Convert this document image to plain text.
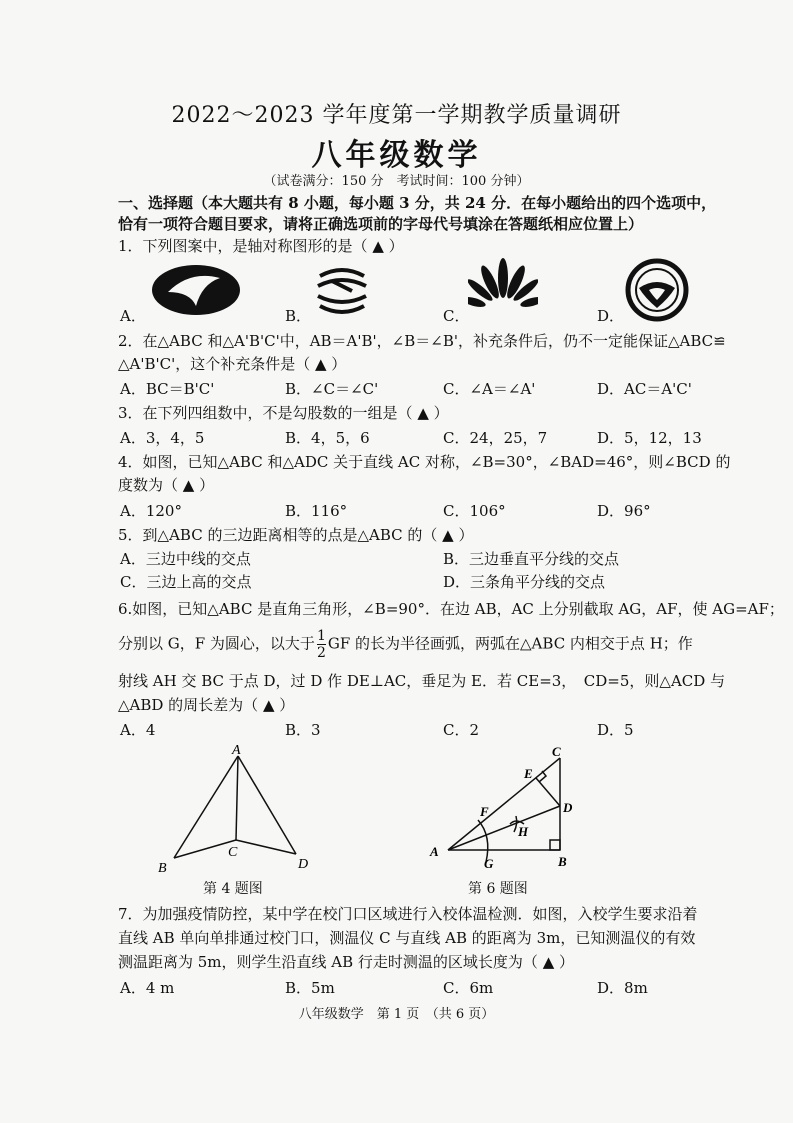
2022～2023 学年度第一学期教学质量调研
八年级数学
（试卷满分：150 分　考试时间：100 分钟）
一、选择题（本大题共有 8 小题，每小题 3 分，共 24 分．在每小题给出的四个选项中，
恰有一项符合题目要求，请将正确选项前的字母代号填涂在答题纸相应位置上）
1．下列图案中，是轴对称图形的是（ ▲ ）
A．	B．	C．	D．
2．在△ABC 和△A'B'C'中，AB＝A'B'，∠B＝∠B'，补充条件后，仍不一定能保证△ABC≌
△A'B'C'，这个补充条件是（ ▲ ）
A．BC＝B'C'	B．∠C＝∠C'	C．∠A＝∠A'	D．AC＝A'C'
3．在下列四组数中，不是勾股数的一组是（ ▲ ）
A．3，4，5	B．4，5，6	C．24，25，7	D．5，12，13
4．如图，已知△ABC 和△ADC 关于直线 AC 对称，∠B=30°，∠BAD=46°，则∠BCD 的
度数为（ ▲ ）
A．120°	B．116°	C．106°	D．96°
5．到△ABC 的三边距离相等的点是△ABC 的（ ▲ ）
A．三边中线的交点	B．三边垂直平分线的交点
C．三边上高的交点	D．三条角平分线的交点
6.如图，已知△ABC 是直角三角形，∠B=90°．在边 AB，AC 上分别截取 AG，AF，使 AG=AF；
分别以 G，F 为圆心，以大于 $\frac{1}{2}$ GF 的长为半径画弧，两弧在△ABC 内相交于点 H；作
射线 AH 交 BC 于点 D，过 D 作 DE⊥AC，垂足为 E．若 CE=3，　CD=5，则△ACD 与
△ABD 的周长差为（ ▲ ）
A．4	B．3	C．2	D．5
A
B
C
D
第 4 题图
C
E
D
F
H
A
G	B
第 6 题图
7．为加强疫情防控，某中学在校门口区域进行入校体温检测．如图，入校学生要求沿着
直线 AB 单向单排通过校门口，测温仪 C 与直线 AB 的距离为 3m，已知测温仪的有效
测温距离为 5m，则学生沿直线 AB 行走时测温的区域长度为（ ▲ ）
A．4 m	B．5m	C．6m	D．8m
八年级数学　第 1 页　（共 6 页）
